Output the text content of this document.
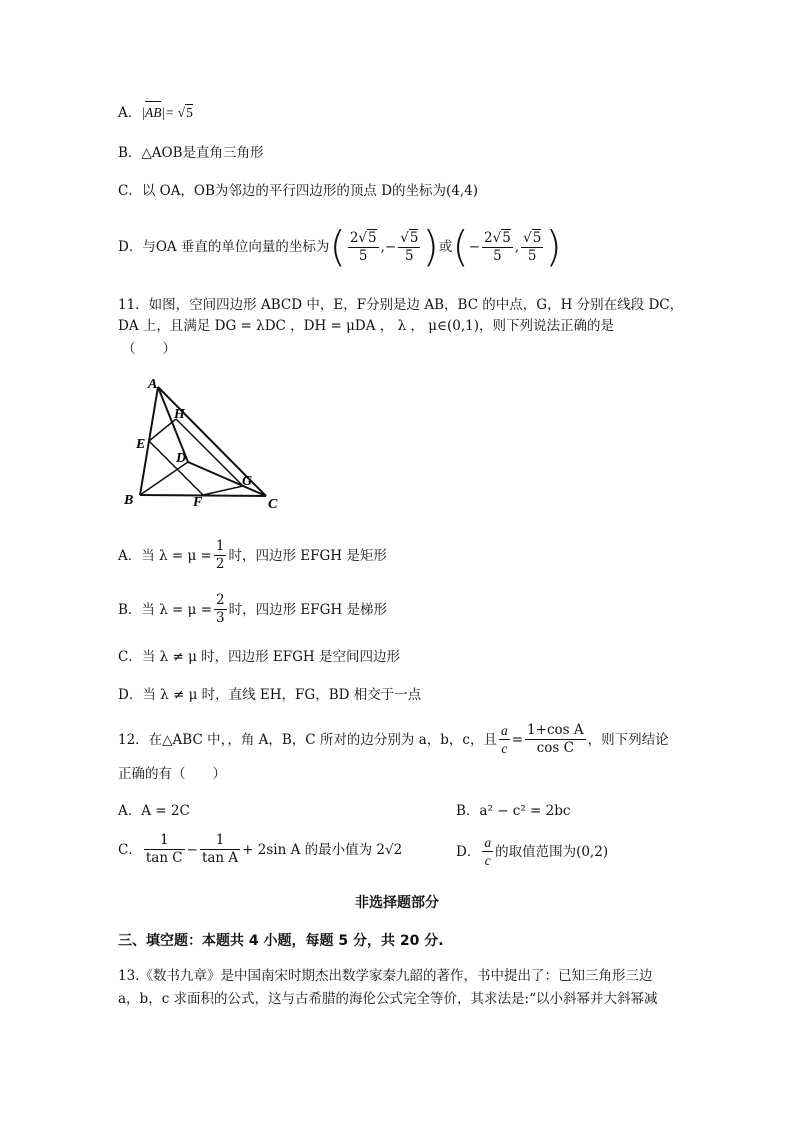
A．|AB|= √5
B．△AOB是直角三角形
C．以 OA，OB为邻边的平行四边形的顶点 D的坐标为(4,4)
D．与 OA 垂直的单位向量的坐标为 ( $\frac{2√5}{5}$ ,− $\frac{√5}{5}$ ) 或 ( − $\frac{2√5}{5}$ , $\frac{√5}{5}$ )
11．如图，空间四边形 ABCD 中，E，F分别是边 AB，BC 的中点，G，H 分别在线段 DC，
DA 上，且满足 DG = λDC ，DH = μDA ， λ ， μ∈(0,1)，则下列说法正确的是
（　　）
A
H
E
D
G
B	F	C
A．当 $\lambda = \mu = \frac{1}{2}$ 时，四边形 EFGH 是矩形
B．当 $\lambda = \mu = \frac{2}{3}$ 时，四边形 EFGH 是梯形
C．当 λ ≠ μ 时，四边形 EFGH 是空间四边形
D．当 λ ≠ μ 时，直线 EH，FG，BD 相交于一点
12．在△ABC 中，，角 A，B，C 所对的边分别为 a，b，c，且 $\frac{a}{c} = \frac{\text{1+cos A}}{\text{cos C}}$ ，则下列结论
正确的有（　　）
A．A = 2C	B．a² − c² = 2bc
C． $\frac{1}{\text{tan C}} - \frac{1}{\text{tan A}} + 2\sin$ A 的最小值为 2√2	D． $\frac{a}{c}$ 的取值范围为(0,2)
非选择题部分
三、填空题：本题共 4 小题，每题 5 分，共 20 分.
13.《数书九章》是中国南宋时期杰出数学家秦九韶的著作，书中提出了：已知三角形三边
a，b，c 求面积的公式，这与古希腊的海伦公式完全等价，其求法是:“以小斜幂并大斜幂减
